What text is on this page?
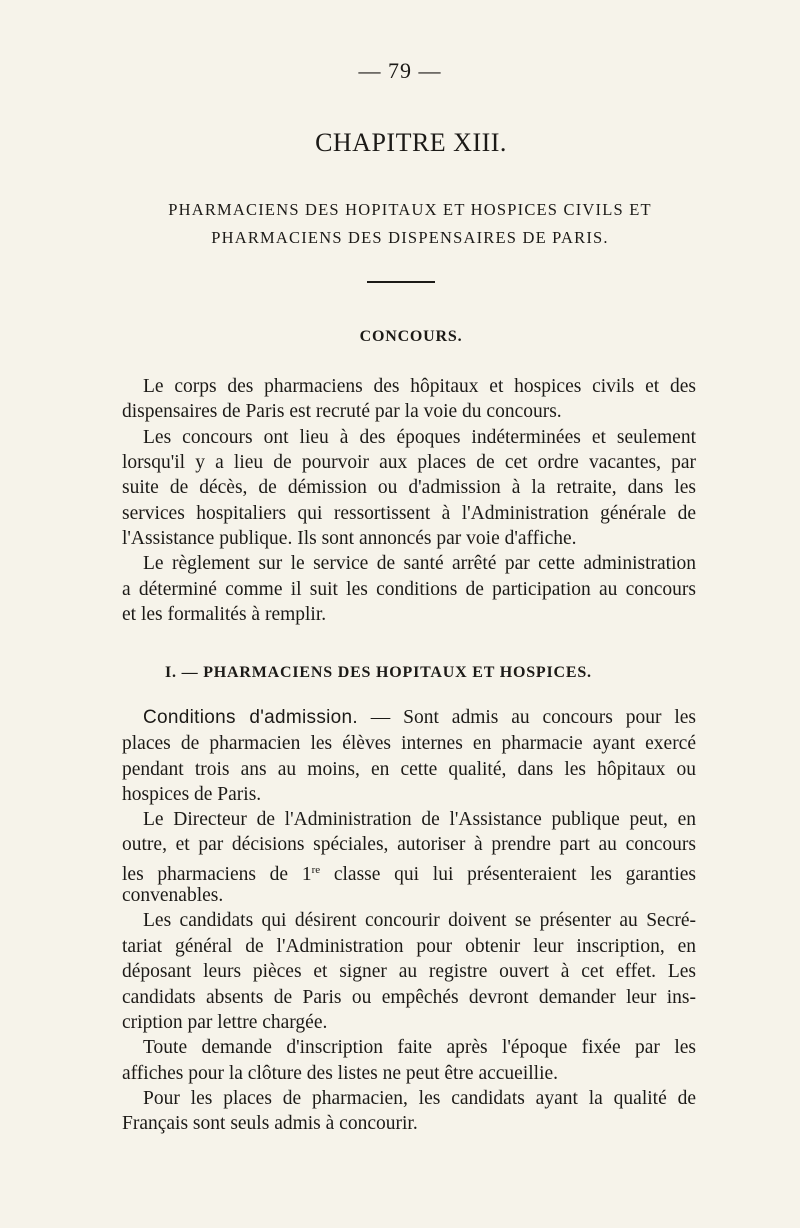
— 79 —
CHAPITRE XIII.
PHARMACIENS DES HOPITAUX ET HOSPICES CIVILS ET
PHARMACIENS DES DISPENSAIRES DE PARIS.
CONCOURS.
Le corps des pharmaciens des hôpitaux et hospices civils et des
dispensaires de Paris est recruté par la voie du concours.
Les concours ont lieu à des époques indéterminées et seulement
lorsqu'il y a lieu de pourvoir aux places de cet ordre vacantes, par
suite de décès, de démission ou d'admission à la retraite, dans les
services hospitaliers qui ressortissent à l'Administration générale de
l'Assistance publique. Ils sont annoncés par voie d'affiche.
Le règlement sur le service de santé arrêté par cette administration
a déterminé comme il suit les conditions de participation au concours
et les formalités à remplir.
I. — PHARMACIENS DES HOPITAUX ET HOSPICES.
Conditions d'admission. — Sont admis au concours pour les
places de pharmacien les élèves internes en pharmacie ayant exercé
pendant trois ans au moins, en cette qualité, dans les hôpitaux ou
hospices de Paris.
Le Directeur de l'Administration de l'Assistance publique peut, en
outre, et par décisions spéciales, autoriser à prendre part au concours
les pharmaciens de 1re classe qui lui présenteraient les garanties
convenables.
Les candidats qui désirent concourir doivent se présenter au Secré-
tariat général de l'Administration pour obtenir leur inscription, en
déposant leurs pièces et signer au registre ouvert à cet effet. Les
candidats absents de Paris ou empêchés devront demander leur ins-
cription par lettre chargée.
Toute demande d'inscription faite après l'époque fixée par les
affiches pour la clôture des listes ne peut être accueillie.
Pour les places de pharmacien, les candidats ayant la qualité de
Français sont seuls admis à concourir.
